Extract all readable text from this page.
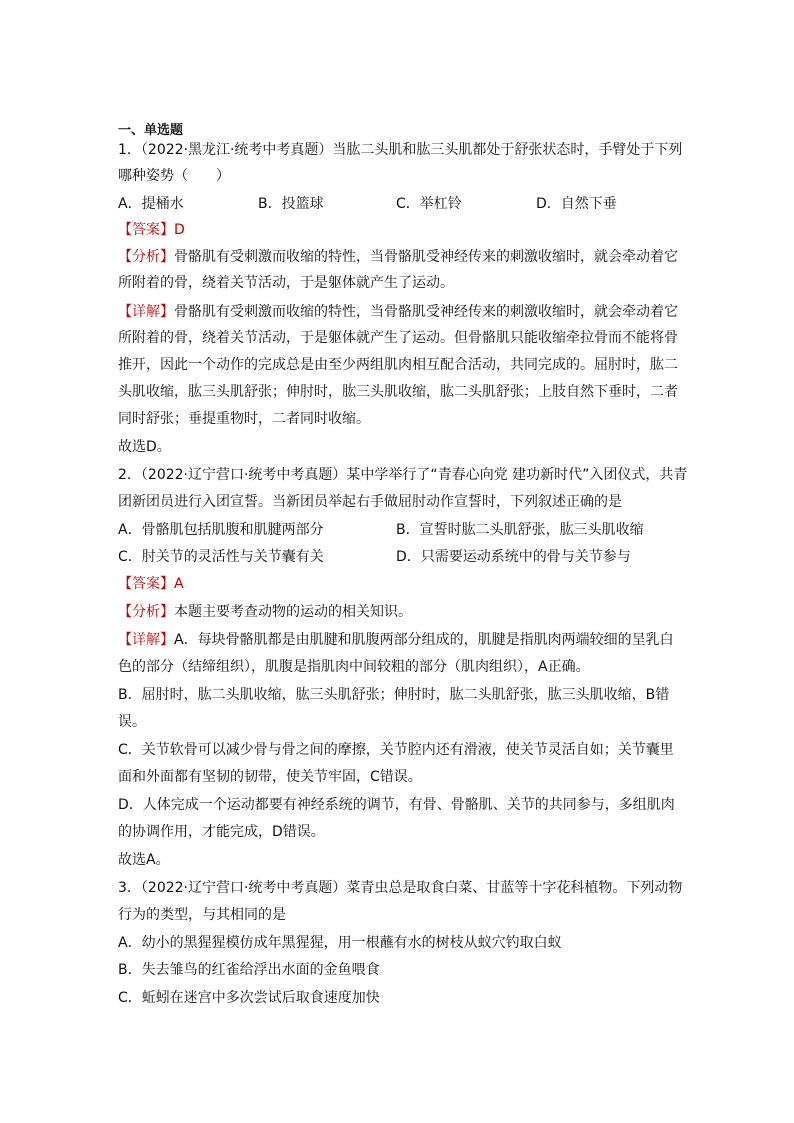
一、单选题
1．（2022·黑龙江·统考中考真题）当肱二头肌和肱三头肌都处于舒张状态时，手臂处于下列
哪种姿势（　　）
A．提桶水	B．投篮球	C．举杠铃	D．自然下垂
【答案】D
【分析】骨骼肌有受刺激而收缩的特性，当骨骼肌受神经传来的刺激收缩时，就会牵动着它
所附着的骨，绕着关节活动，于是躯体就产生了运动。
【详解】骨骼肌有受刺激而收缩的特性，当骨骼肌受神经传来的刺激收缩时，就会牵动着它
所附着的骨，绕着关节活动，于是躯体就产生了运动。但骨骼肌只能收缩牵拉骨而不能将骨
推开，因此一个动作的完成总是由至少两组肌肉相互配合活动，共同完成的。屈肘时，肱二
头肌收缩，肱三头肌舒张；伸肘时，肱三头肌收缩，肱二头肌舒张；上肢自然下垂时，二者
同时舒张；垂提重物时，二者同时收缩。
故选D。
2．（2022·辽宁营口·统考中考真题）某中学举行了“青春心向党 建功新时代”入团仪式，共青
团新团员进行入团宣誓。当新团员举起右手做屈肘动作宣誓时，下列叙述正确的是
A．骨骼肌包括肌腹和肌腱两部分	B．宣誓时肱二头肌舒张，肱三头肌收缩
C．肘关节的灵活性与关节囊有关	D．只需要运动系统中的骨与关节参与
【答案】A
【分析】本题主要考查动物的运动的相关知识。
【详解】A．每块骨骼肌都是由肌腱和肌腹两部分组成的，肌腱是指肌肉两端较细的呈乳白
色的部分（结缔组织），肌腹是指肌肉中间较粗的部分（肌肉组织），A正确。
B．屈肘时，肱二头肌收缩，肱三头肌舒张；伸肘时，肱二头肌舒张，肱三头肌收缩，B错
误。
C．关节软骨可以减少骨与骨之间的摩擦，关节腔内还有滑液，使关节灵活自如；关节囊里
面和外面都有坚韧的韧带，使关节牢固，C错误。
D．人体完成一个运动都要有神经系统的调节，有骨、骨骼肌、关节的共同参与，多组肌肉
的协调作用，才能完成，D错误。
故选A。
3．（2022·辽宁营口·统考中考真题）菜青虫总是取食白菜、甘蓝等十字花科植物。下列动物
行为的类型，与其相同的是
A．幼小的黑猩猩模仿成年黑猩猩，用一根蘸有水的树枝从蚁穴钓取白蚁
B．失去雏鸟的红雀给浮出水面的金鱼喂食
C．蚯蚓在迷宫中多次尝试后取食速度加快
